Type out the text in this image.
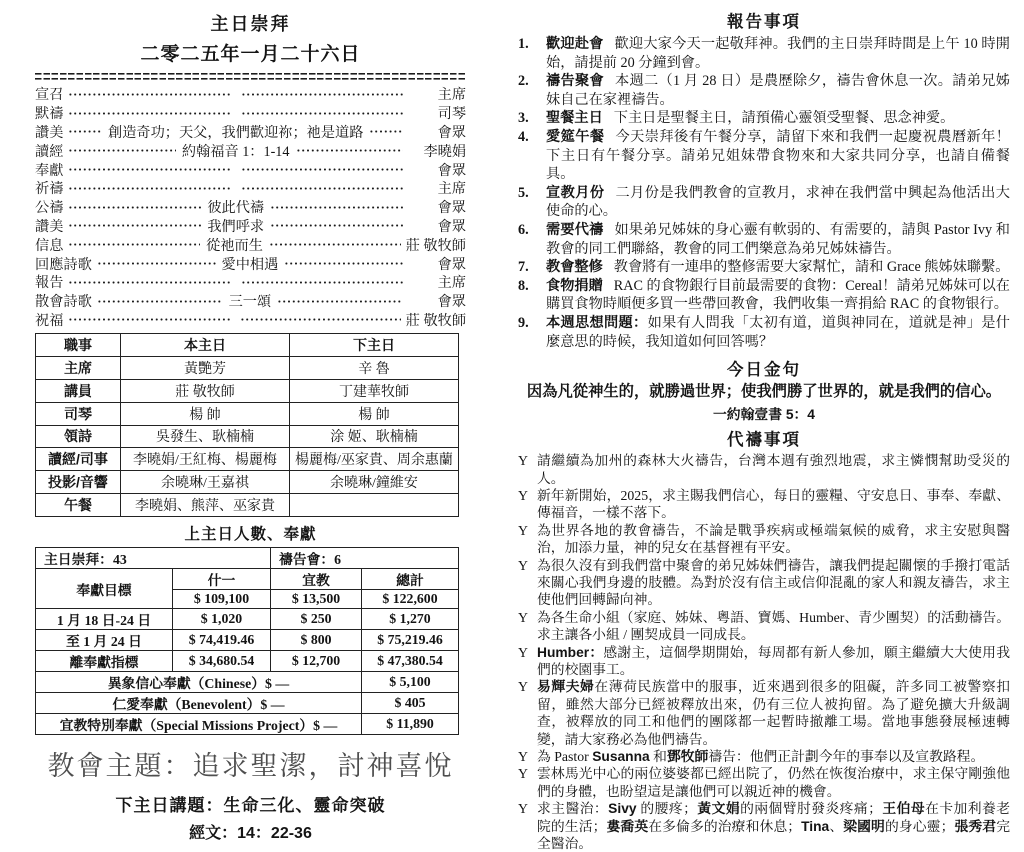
主日崇拜
二零二五年一月二十六日
宣召	主席
默禱	司琴
讚美	創造奇功；天父，我們歡迎祢；祂是道路	會眾
讀經	約翰福音 1：1-14	李曉娟
奉獻	會眾
祈禱	主席
公禱	彼此代禱	會眾
讚美	我們呼求	會眾
信息	從祂而生	莊 敬牧師
回應詩歌	愛中相遇	會眾
報告	主席
散會詩歌	三一頌	會眾
祝福	莊 敬牧師
職事	本主日	下主日
主席	黃艷芳	辛 魯
講員	莊 敬牧師	丁建華牧師
司琴	楊 帥	楊 帥
領詩	吳發生、耿楠楠	涂 姬、耿楠楠
讀經/司事	李曉娟/王紅梅、楊麗梅	楊麗梅/巫家貴、周余惠蘭
投影/音響	余曉琳/王嘉祺	余曉琳/鐘維安
午餐	李曉娟、熊萍、巫家貴	
上主日人數、奉獻
主日崇拜：43		禱告會：6	
奉獻目標	什一	宜教	總計
	$ 109,100	$ 13,500	$ 122,600
1 月 18 日-24 日	$ 1,020	$ 250	$ 1,270
至 1 月 24 日	$ 74,419.46	$ 800	$ 75,219.46
離奉獻指標	$ 34,680.54	$ 12,700	$ 47,380.54
異象信心奉獻（Chinese）$ —			$ 5,100
仁愛奉獻（Benevolent）$ —			$ 405
宜教特別奉獻（Special Missions Project）$ —			$ 11,890
教會主題：追求聖潔，討神喜悅
下主日講題：生命三化、靈命突破
經文：14：22-36
報告事項
1.	歡迎赴會 歡迎大家今天一起敬拜神。我們的主日崇拜時間是上午 10 時開始，請提前 20 分鐘到會。
2.	禱告聚會 本週二（1 月 28 日）是農歷除夕，禱告會休息一次。請弟兄姊妹自己在家裡禱告。
3.	聖餐主日 下主日是聖餐主日，請預備心靈領受聖餐、思念神愛。
4.	愛筵午餐 今天崇拜後有午餐分享，請留下來和我們一起慶祝農曆新年！下主日有午餐分享。請弟兄姐妹帶食物來和大家共同分享，也請自備餐具。
5.	宣教月份 二月份是我們教會的宣教月，求神在我們當中興起為他活出大使命的心。
6.	需要代禱 如果弟兄姊妹的身心靈有軟弱的、有需要的，請與 Pastor Ivy 和教會的同工們聯絡，教會的同工們樂意為弟兄姊妹禱告。
7.	教會整修 教會將有一連串的整修需要大家幫忙，請和 Grace 熊姊妹聯繫。
8.	食物捐贈 RAC 的食物銀行目前最需要的食物：Cereal！請弟兄姊妹可以在購買食物時順便多買一些帶回教會，我們收集一齊捐給 RAC 的食物银行。
9.	本週思想問題：如果有人問我「太初有道，道與神同在，道就是神」是什麼意思的時候，我知道如何回答嗎？
今日金句
因為凡從神生的，就勝過世界；使我們勝了世界的，就是我們的信心。
一約翰壹書 5：4
代禱事項
Y 請繼續為加州的森林大火禱告，台灣本週有強烈地震，求主憐憫幫助受災的人。
Y 新年新開始，2025，求主賜我們信心，每日的靈糧、守安息日、事奉、奉獻、傳福音，一樣不落下。
Y 為世界各地的教會禱告，不論是戰爭疾病或極端氣候的威脅，求主安慰與醫治，加添力量，神的兒女在基督裡有平安。
Y 為很久沒有到我們當中聚會的弟兄姊妹們禱告，讓我們提起關懷的手撥打電話來關心我們身邊的肢體。為對於沒有信主或信仰混亂的家人和親友禱告，求主使他們回轉歸向神。
Y 為各生命小組（家庭、姊妹、粵語、寶媽、Humber、青少團契）的活動禱告。求主讓各小組 / 團契成員一同成長。
Y Humber：感謝主，這個學期開始，每周都有新人參加，願主繼續大大使用我們的校園事工。
Y 易輝夫婦在薄荷民族當中的服事，近來遇到很多的阻礙，許多同工被警察扣留，雖然大部分已經被釋放出來，仍有三位人被拘留。為了避免擴大升級調查，被釋放的同工和他們的團隊都一起暫時撤離工場。當地事態發展極速轉變，請大家務必為他們禱告。
Y 為 Pastor Susanna 和鄧牧師禱告：他們正計劃今年的事奉以及宣教路程。
Y 雲林馬光中心的兩位婆婆都已經出院了，仍然在恢復治療中，求主保守剛強他們的身體，也盼望這是讓他們可以親近神的機會。
Y 求主醫治：Sivy 的腰疼；黃文娟的兩個臂肘發炎疼痛；王伯母在卡加利養老院的生活；婁喬英在多倫多的治療和休息；Tina、梁國明的身心靈；張秀君完全醫治。
